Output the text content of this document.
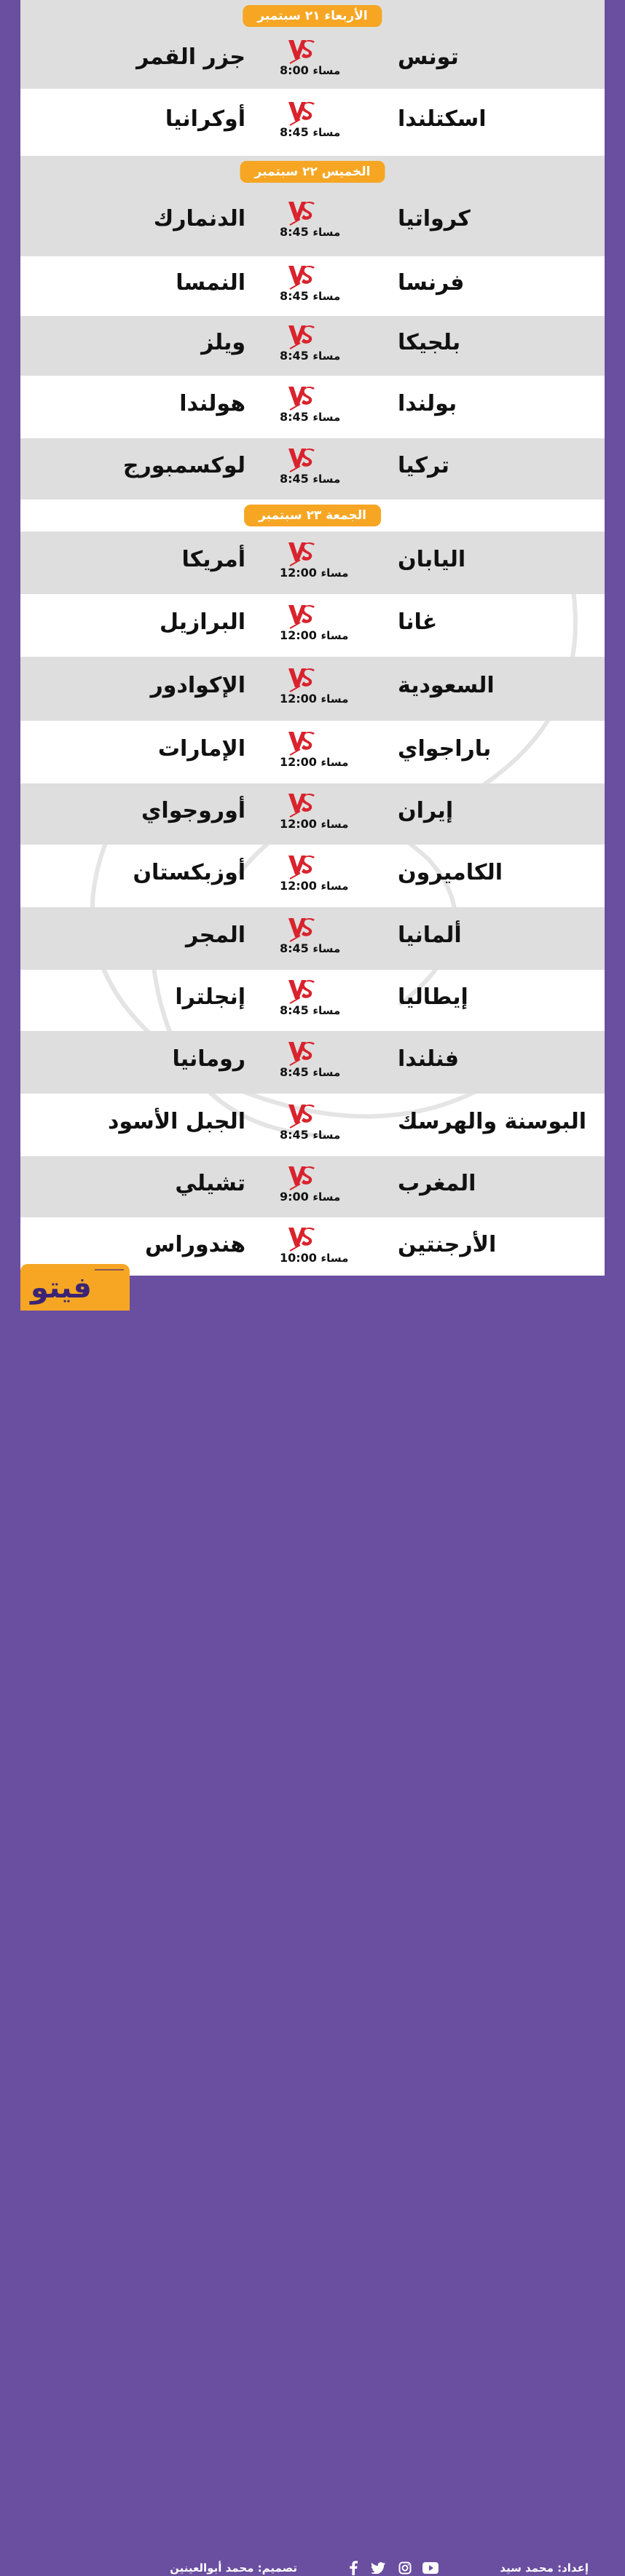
الأربعاء ٢١ سبتمبر
تونس
مساء 8:00
جزر القمر
اسكتلندا
مساء 8:45
أوكرانيا
الخميس ٢٢ سبتمبر
كرواتيا
مساء 8:45
الدنمارك
فرنسا
مساء 8:45
النمسا
بلجيكا
مساء 8:45
ويلز
بولندا
مساء 8:45
هولندا
تركيا
مساء 8:45
لوكسمبورج
الجمعة ٢٣ سبتمبر
اليابان
مساء 12:00
أمريكا
غانا
مساء 12:00
البرازيل
السعودية
مساء 12:00
الإكوادور
باراجواي
مساء 12:00
الإمارات
إيران
مساء 12:00
أوروجواي
الكاميرون
مساء 12:00
أوزبكستان
ألمانيا
مساء 8:45
المجر
إيطاليا
مساء 8:45
إنجلترا
فنلندا
مساء 8:45
رومانيا
البوسنة والهرسك
مساء 8:45
الجبل الأسود
المغرب
مساء 9:00
تشيلي
الأرجنتين
مساء 10:00
هندوراس
إعداد: محمد سيد
تصميم: محمد أبوالعينين
فيتو
